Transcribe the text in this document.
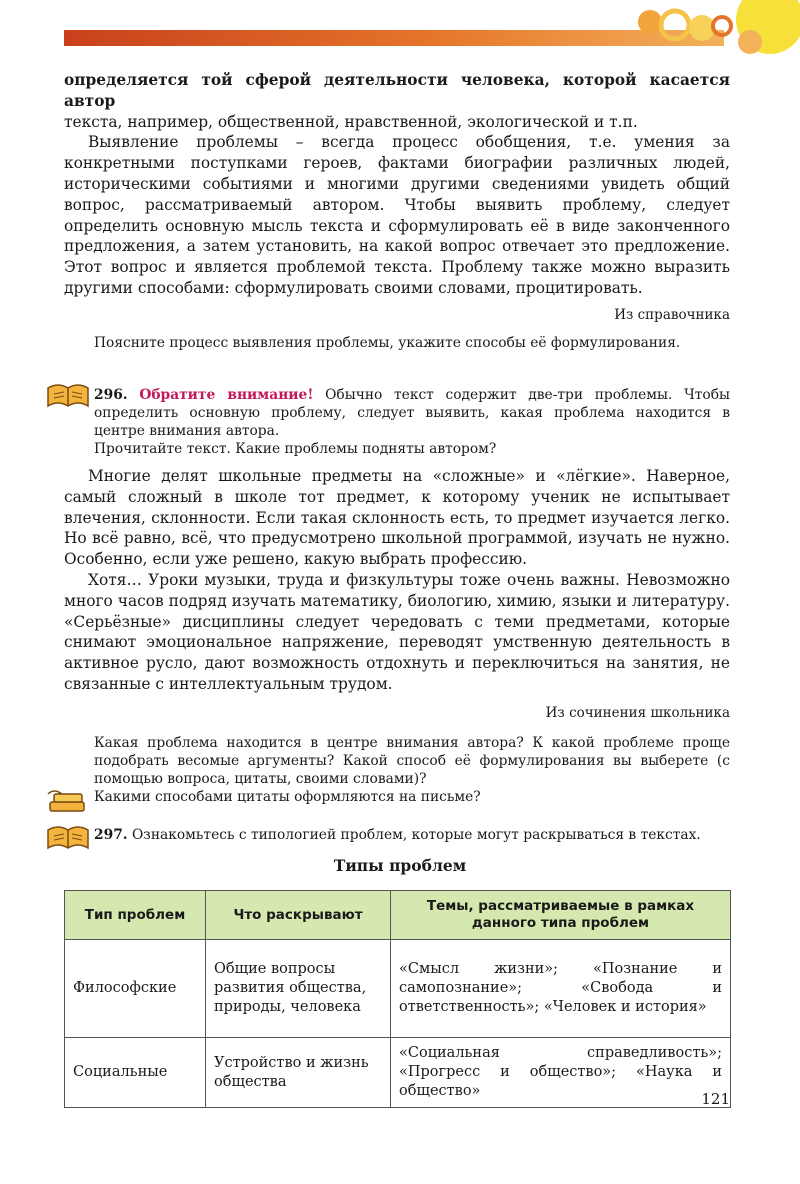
определяется той сферой деятельности человека, которой касается автор

текста, например, общественной, нравственной, экологической и т.п.

Выявление проблемы – всегда процесс обобщения, т.е. умения за конкретными поступками героев, фактами биографии различных людей, историческими событиями и многими другими сведениями увидеть общий вопрос, рассматриваемый автором. Чтобы выявить проблему, следует определить основную мысль текста и сформулировать её в виде законченного предложения, а затем установить, на какой вопрос отвечает это предложение. Этот вопрос и является проблемой текста. Проблему также можно выразить другими способами: сформулировать своими словами, процитировать.

Из справочника

Поясните процесс выявления проблемы, укажите способы её формулирования.

296. Обратите внимание! Обычно текст содержит две-три проблемы. Чтобы определить основную проблему, следует выявить, какая проблема находится в центре внимания автора.

Прочитайте текст. Какие проблемы подняты автором?

Многие делят школьные предметы на «сложные» и «лёгкие». Наверное, самый сложный в школе тот предмет, к которому ученик не испытывает влечения, склонности. Если такая склонность есть, то предмет изучается легко. Но всё равно, всё, что предусмотрено школьной программой, изучать не нужно. Особенно, если уже решено, какую выбрать профессию.

Хотя… Уроки музыки, труда и физкультуры тоже очень важны. Невозможно много часов подряд изучать математику, биологию, химию, языки и литературу. «Серьёзные» дисциплины следует чередовать с теми предметами, которые снимают эмоциональное напряжение, переводят умственную деятельность в активное русло, дают возможность отдохнуть и переключиться на занятия, не связанные с интеллектуальным трудом.

Из сочинения школьника

Какая проблема находится в центре внимания автора? К какой проблеме проще подобрать весомые аргументы? Какой способ её формулирования вы выберете (с помощью вопроса, цитаты, своими словами)?

Какими способами цитаты оформляются на письме?

297. Ознакомьтесь с типологией проблем, которые могут раскрываться в текстах.

Типы проблем
Тип проблем	Что раскрывают	Темы, рассматриваемые в рамках данного типа проблем
Философские	Общие вопросы развития общества, природы, человека	«Смысл жизни»; «Познание и самопознание»; «Свобода и ответственность»; «Человек и история»
Социальные	Устройство и жизнь общества	«Социальная справедливость»; «Прогресс и общество»; «Наука и общество»	121
